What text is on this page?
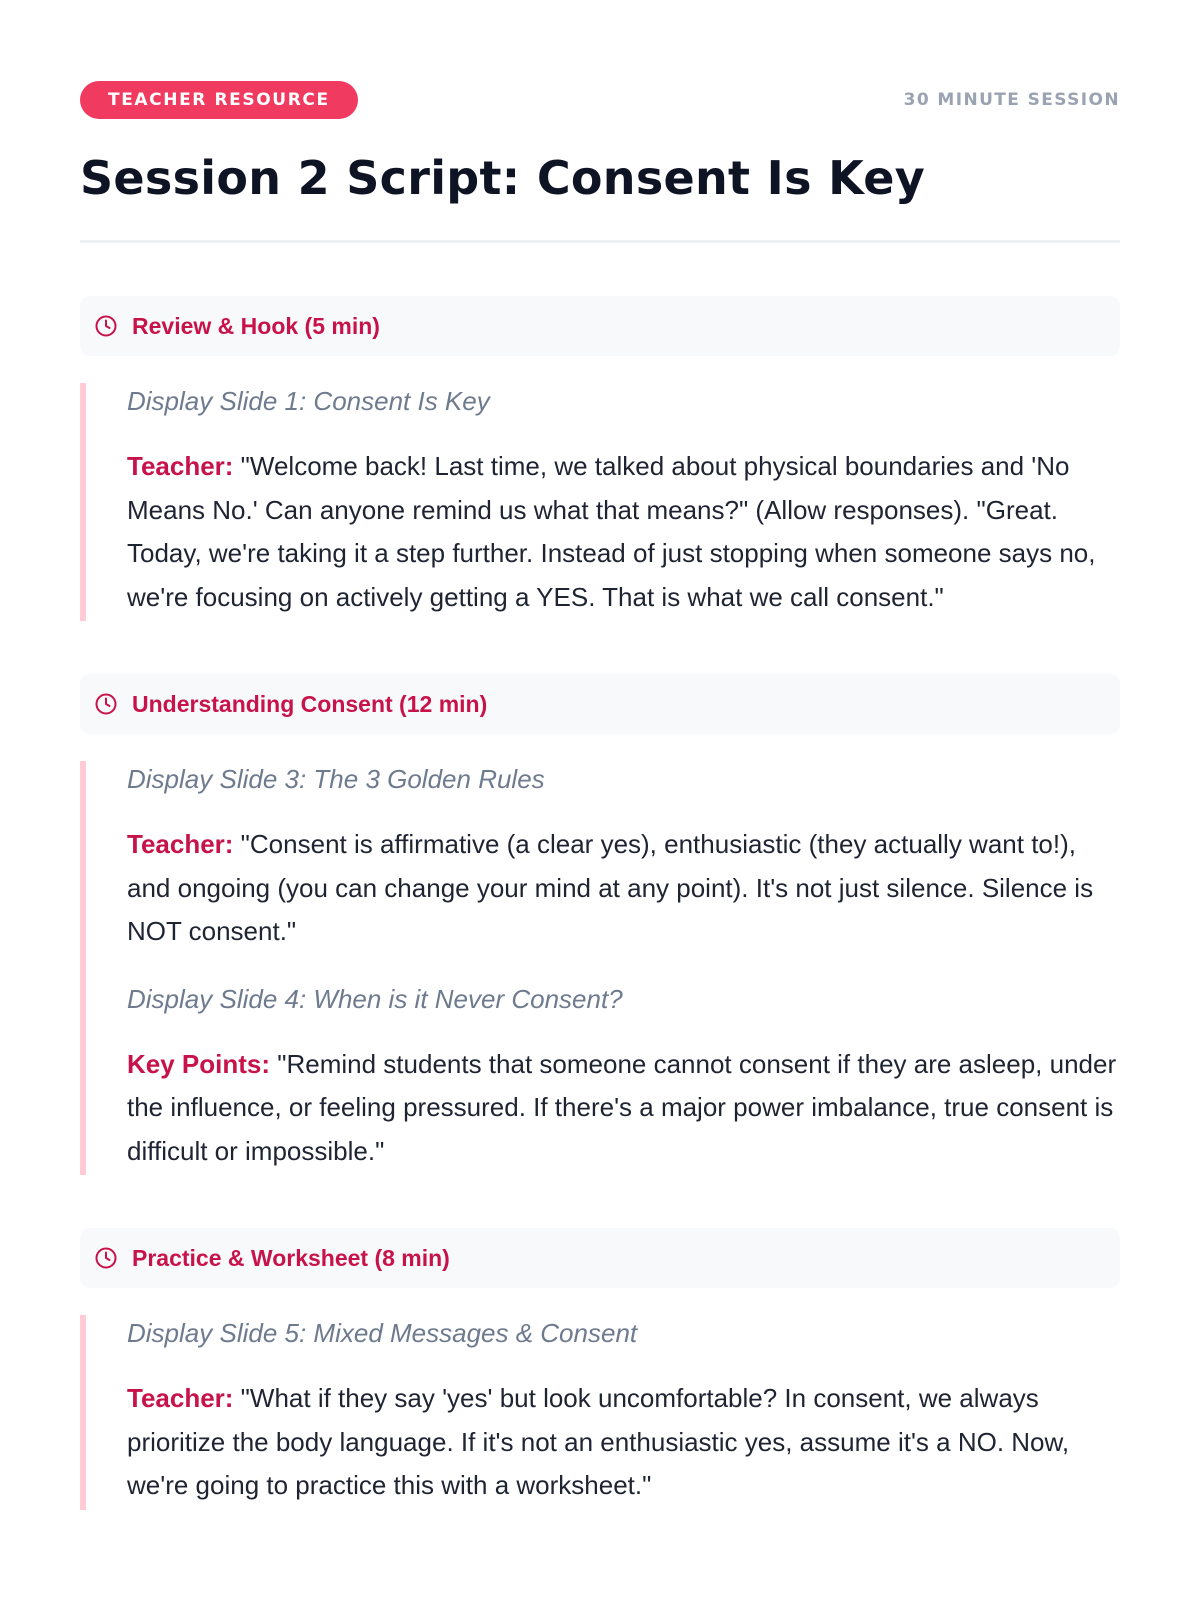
TEACHER RESOURCE	30 MINUTE SESSION
Session 2 Script: Consent Is Key
Review & Hook (5 min)

Display Slide 1: Consent Is Key

Teacher: "Welcome back! Last time, we talked about physical boundaries and 'No Means No.' Can anyone remind us what that means?" (Allow responses). "Great. Today, we're taking it a step further. Instead of just stopping when someone says no, we're focusing on actively getting a YES. That is what we call consent."

Understanding Consent (12 min)

Display Slide 3: The 3 Golden Rules

Teacher: "Consent is affirmative (a clear yes), enthusiastic (they actually want to!), and ongoing (you can change your mind at any point). It's not just silence. Silence is NOT consent."

Display Slide 4: When is it Never Consent?

Key Points: "Remind students that someone cannot consent if they are asleep, under the influence, or feeling pressured. If there's a major power imbalance, true consent is difficult or impossible."

Practice & Worksheet (8 min)

Display Slide 5: Mixed Messages & Consent

Teacher: "What if they say 'yes' but look uncomfortable? In consent, we always prioritize the body language. If it's not an enthusiastic yes, assume it's a NO. Now, we're going to practice this with a worksheet."
